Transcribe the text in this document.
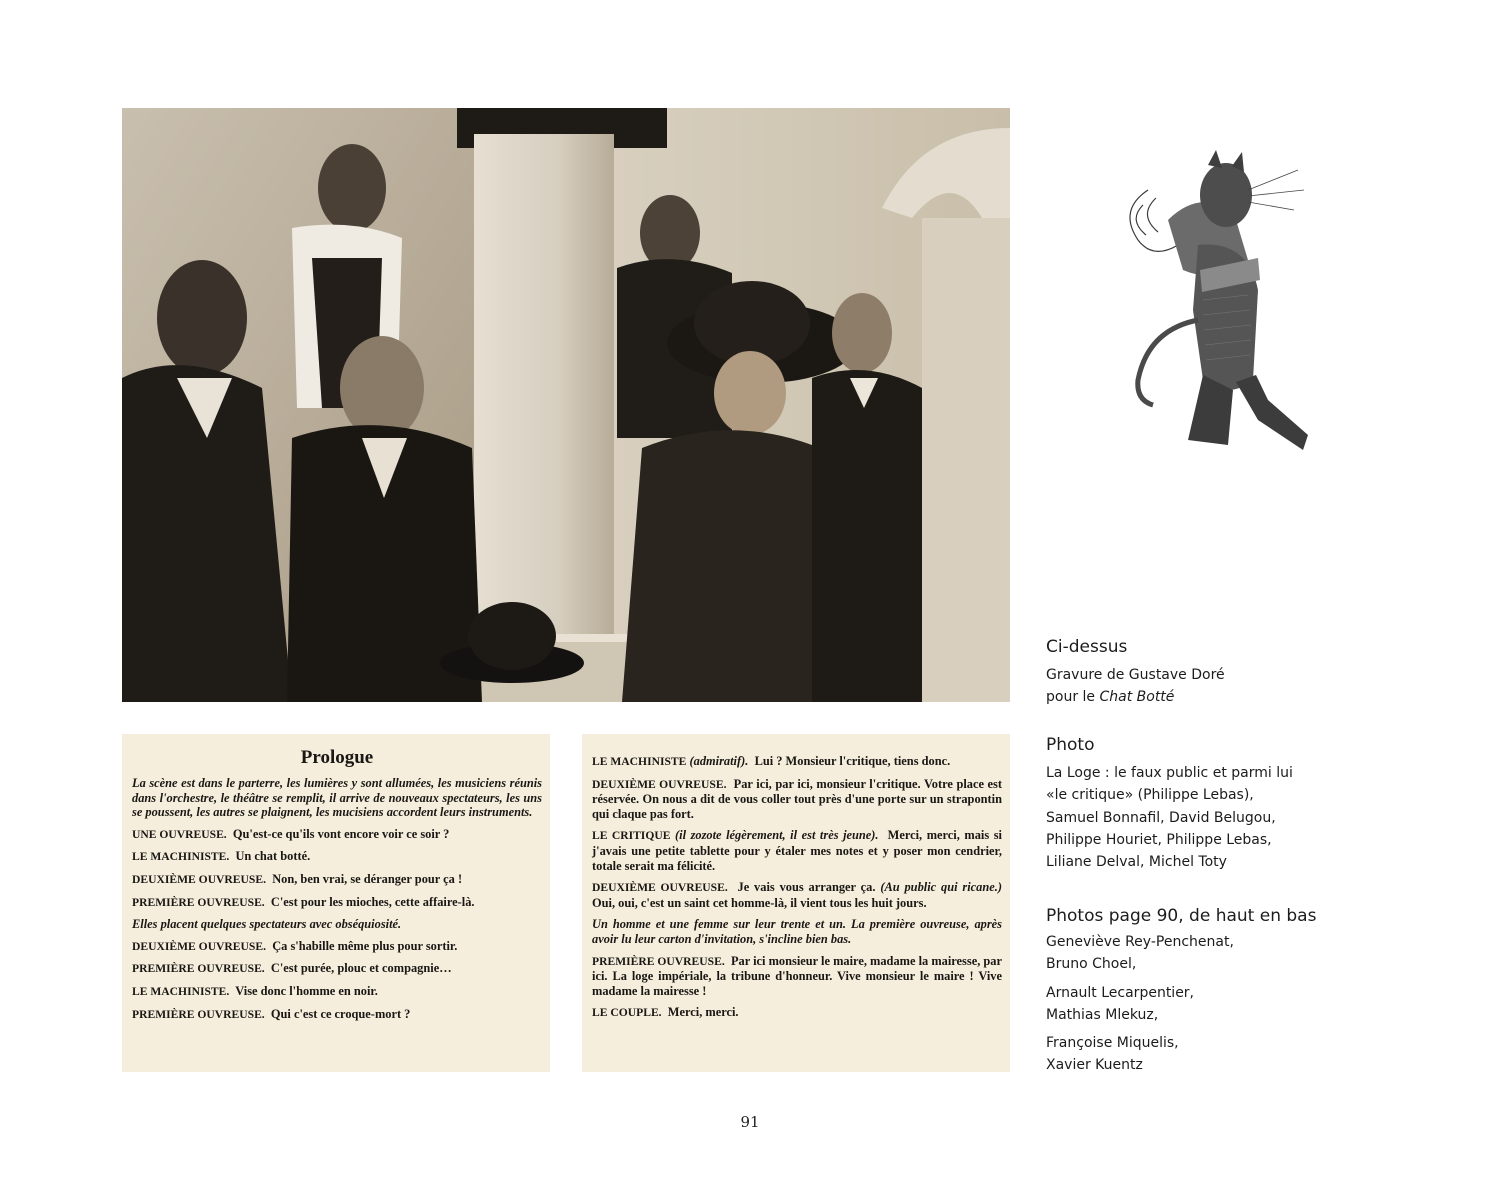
Prologue

La scène est dans le parterre, les lumières y sont allumées, les musiciens réunis dans l'orchestre, le théâtre se remplit, il arrive de nouveaux spectateurs, les uns se poussent, les autres se plaignent, les mucisiens accordent leurs instruments.

UNE OUVREUSE. Qu'est-ce qu'ils vont encore voir ce soir ?

LE MACHINISTE. Un chat botté.

DEUXIÈME OUVREUSE. Non, ben vrai, se déranger pour ça !

PREMIÈRE OUVREUSE. C'est pour les mioches, cette affaire-là.

Elles placent quelques spectateurs avec obséquiosité.

DEUXIÈME OUVREUSE. Ça s'habille même plus pour sortir.

PREMIÈRE OUVREUSE. C'est purée, plouc et compagnie…

LE MACHINISTE. Vise donc l'homme en noir.

PREMIÈRE OUVREUSE. Qui c'est ce croque-mort ?

LE MACHINISTE (admiratif). Lui ? Monsieur l'critique, tiens donc.

DEUXIÈME OUVREUSE. Par ici, par ici, monsieur l'critique. Votre place est réservée. On nous a dit de vous coller tout près d'une porte sur un strapontin qui claque pas fort.

LE CRITIQUE (il zozote légèrement, il est très jeune). Merci, merci, mais si j'avais une petite tablette pour y étaler mes notes et y poser mon cendrier, totale serait ma félicité.

DEUXIÈME OUVREUSE. Je vais vous arranger ça. (Au public qui ricane.) Oui, oui, c'est un saint cet homme-là, il vient tous les huit jours.

Un homme et une femme sur leur trente et un. La première ouvreuse, après avoir lu leur carton d'invitation, s'incline bien bas.

PREMIÈRE OUVREUSE. Par ici monsieur le maire, madame la mairesse, par ici. La loge impériale, la tribune d'honneur. Vive monsieur le maire ! Vive madame la mairesse !

LE COUPLE. Merci, merci.

Ci-dessus

Gravure de Gustave Doré

pour le Chat Botté

Photo

La Loge : le faux public et parmi lui
«le critique» (Philippe Lebas),
Samuel Bonnafil, David Belugou,
Philippe Houriet, Philippe Lebas,
Liliane Delval, Michel Toty

Photos page 90, de haut en bas

Geneviève Rey-Penchenat,
Bruno Choel,

Arnault Lecarpentier,
Mathias Mlekuz,

Françoise Miquelis,
Xavier Kuentz

91
